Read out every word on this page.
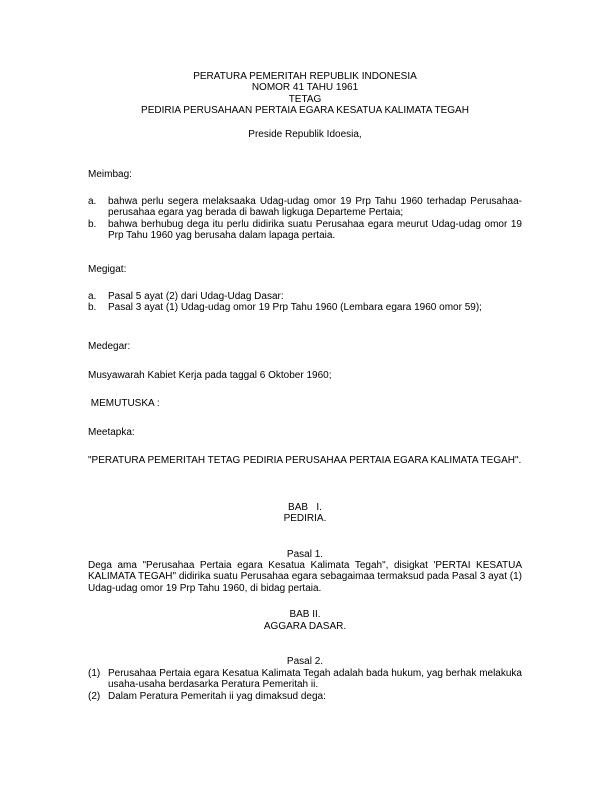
PERATURA PEMERITAH REPUBLIK INDONESIA
NOMOR 41 TAHU 1961
TETAG
PEDIRIA PERUSAHAAN PERTAIA EGARA KESATUA KALIMATA TEGAH
Preside Republik Idoesia,
Meimbag:
a.	bahwa perlu segera melaksaaka Udag-udag omor 19 Prp Tahu 1960 terhadap Perusahaa-perusahaa egara yag berada di bawah ligkuga Departeme Pertaia;
b.	bahwa berhubug dega itu perlu didirika suatu Perusahaa egara meurut Udag-udag omor 19 Prp Tahu 1960 yag berusaha dalam lapaga pertaia.
Megigat:
a.	Pasal 5 ayat (2) dari Udag-Udag Dasar:
b.	Pasal 3 ayat (1) Udag-udag omor 19 Prp Tahu 1960 (Lembara egara 1960 omor 59);
Medegar:
Musyawarah Kabiet Kerja pada taggal 6 Oktober 1960;
MEMUTUSKA :
Meetapka:
"PERATURA PEMERITAH TETAG PEDIRIA PERUSAHAA PERTAIA EGARA KALIMATA TEGAH".
BAB   I.
PEDIRIA.
Pasal 1.
Dega ama "Perusahaa Pertaia egara Kesatua Kalimata Tegah", disigkat 'PERTAI KESATUA KALIMATA TEGAH" didirika suatu Perusahaa egara sebagaimaa termaksud pada Pasal 3 ayat (1) Udag-udag omor 19 Prp Tahu 1960, di bidag pertaia.
BAB II.
AGGARA DASAR.
Pasal 2.
(1) Perusahaa Pertaia egara Kesatua Kalimata Tegah adalah bada hukum, yag berhak melakuka usaha-usaha berdasarka Peratura Pemeritah ii.
(2) Dalam Peratura Pemeritah ii yag dimaksud dega:
